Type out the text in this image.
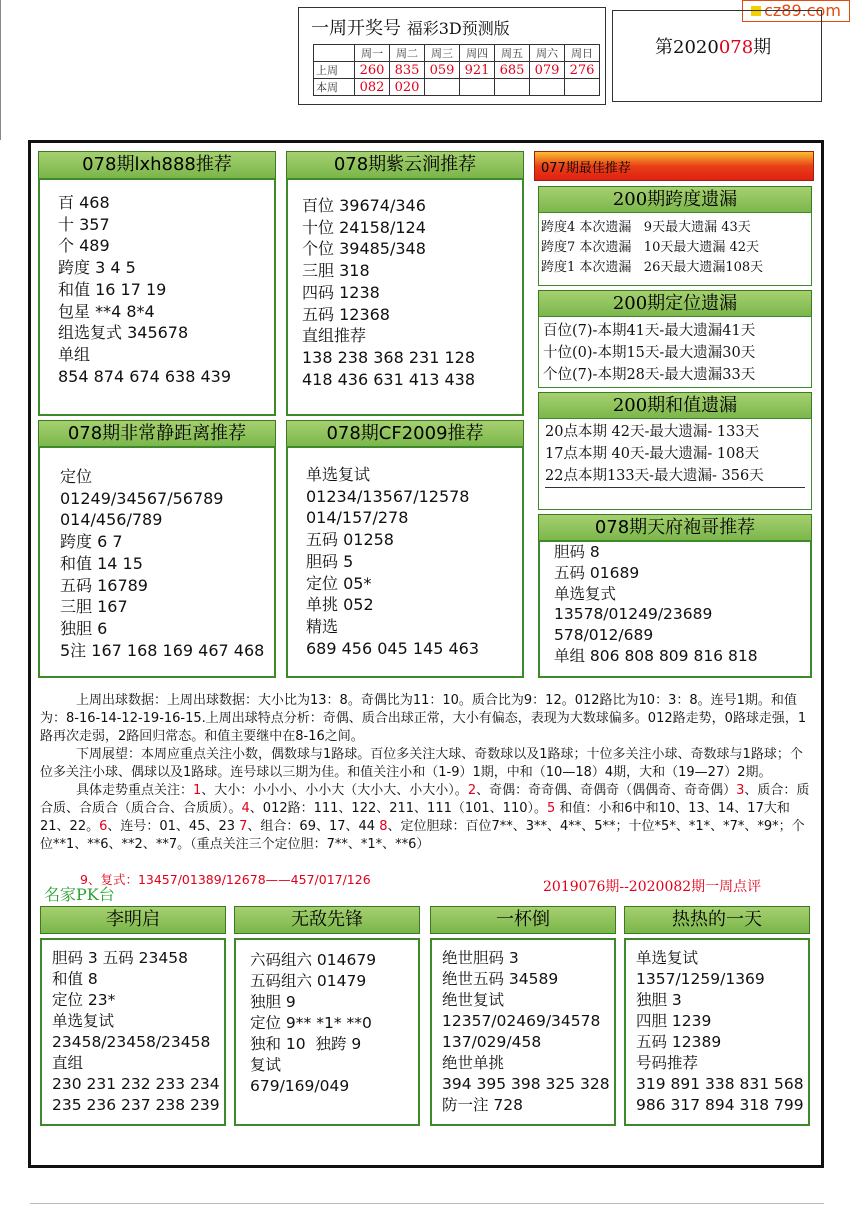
cz89.com
一周开奖号 福彩3D预测版
	周一	周二	周三	周四	周五	周六	周日
上周	260	835	059	921	685	079	276
本周	082	020					
第2020078期
078期lxh888推荐
百 468
十 357
个 489
跨度 3 4 5
和值 16 17 19
包星 **4 8*4
组选复式 345678
单组
854 874 674 638 439
078期紫云涧推荐
百位 39674/346
十位 24158/124
个位 39485/348
三胆 318
四码 1238
五码 12368
直组推荐
138 238 368 231 128
418 436 631 413 438
078期非常静距离推荐
定位
01249/34567/56789
014/456/789
跨度 6 7
和值 14 15
五码 16789
三胆 167
独胆 6
5注 167 168 169 467 468
078期CF2009推荐
单选复试
01234/13567/12578
014/157/278
五码 01258
胆码 5
定位 05*
单挑 052
精选
689 456 045 145 463
077期最佳推荐
200期跨度遗漏
跨度4 本次遗漏   9天最大遗漏 43天
跨度7 本次遗漏   10天最大遗漏 42天
跨度1 本次遗漏   26天最大遗漏108天
200期定位遗漏
百位(7)-本期41天-最大遗漏41天
十位(0)-本期15天-最大遗漏30天
个位(7)-本期28天-最大遗漏33天
200期和值遗漏
20点本期 42天-最大遗漏- 133天
17点本期 40天-最大遗漏- 108天
22点本期133天-最大遗漏- 356天
078期天府袍哥推荐
胆码 8
五码 01689
单选复式
13578/01249/23689
578/012/689
单组 806 808 809 816 818

上周出球数据：上周出球数据：大小比为13：8。奇偶比为11：10。质合比为9：12。012路比为10：3：8。连号1期。和值为：8-16-14-12-19-16-15.上周出球特点分析：奇偶、质合出球正常，大小有偏态，表现为大数球偏多。012路走势，0路球走强，1路再次走弱，2路回归常态。和值主要继中在8-16之间。

下周展望：本周应重点关注小数，偶数球与1路球。百位多关注大球、奇数球以及1路球；十位多关注小球、奇数球与1路球；个位多关注小球、偶球以及1路球。连号球以三期为佳。和值关注小和（1-9）1期，中和（10—18）4期，大和（19—27）2期。

具体走势重点关注：1、大小：小小小、小小大（大小大、小大小）。2、奇偶：奇奇偶、奇偶奇（偶偶奇、奇奇偶）3、质合：质合质、合质合（质合合、合质质）。4、012路：111、122、211、111（101、110）。5 和值：小和6中和10、13、14、17大和21、22。6、连号：01、45、23 7、组合：69、17、44 8、定位胆球：百位7**、3**、4**、5**；十位*5*、*1*、*7*、*9*；个位**1、**6、**2、**7。（重点关注三个定位胆：7**、*1*、**6）

9、复式：13457/01389/12678——457/017/126
名家PK台	2019076期--2020082期一周点评
李明启
胆码 3 五码 23458
和值 8
定位 23*
单选复试
23458/23458/23458
直组
230 231 232 233 234
235 236 237 238 239
无敌先锋
六码组六 014679
五码组六 01479
独胆 9
定位 9** *1* **0
独和 10  独跨 9
复试
679/169/049
一杯倒
绝世胆码 3
绝世五码 34589
绝世复试
12357/02469/34578
137/029/458
绝世单挑
394 395 398 325 328
防一注 728
热热的一天
单选复试
1357/1259/1369
独胆 3
四胆 1239
五码 12389
号码推荐
319 891 338 831 568
986 317 894 318 799
